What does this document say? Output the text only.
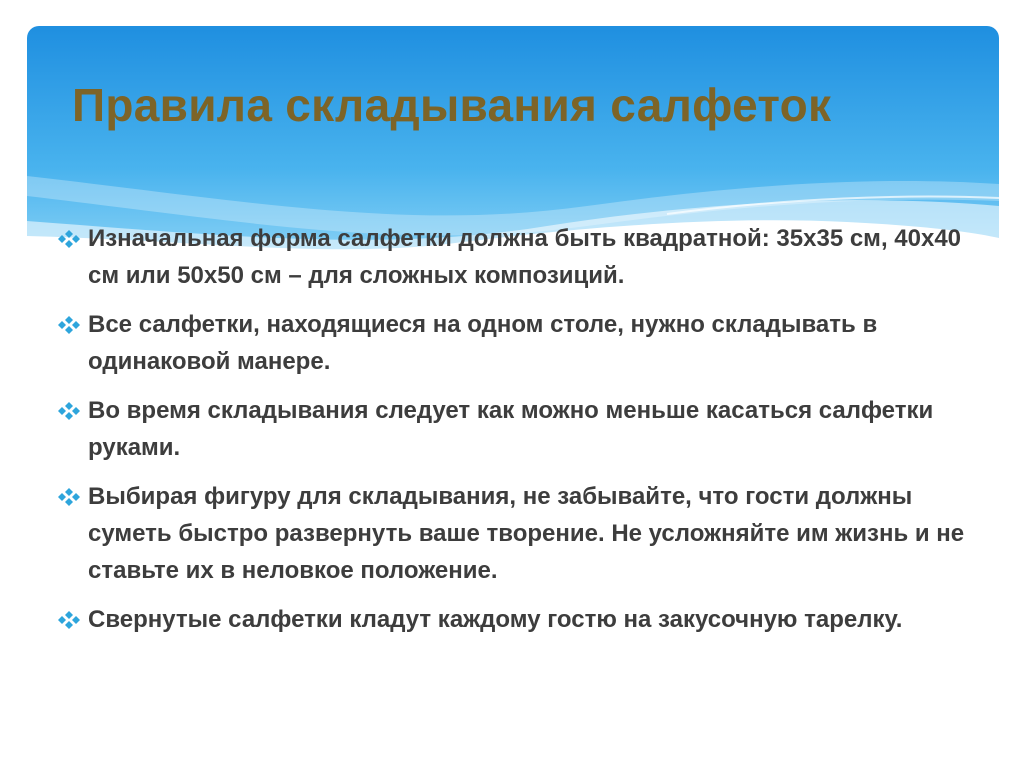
Правила складывания салфеток
Изначальная форма салфетки должна быть квадратной: 35х35 см, 40х40 см или 50х50 см – для сложных композиций.
Все салфетки, находящиеся на одном столе, нужно складывать в одинаковой манере.
Во время складывания следует как можно меньше касаться салфетки руками.
Выбирая фигуру для складывания, не забывайте, что гости должны суметь быстро развернуть ваше творение. Не усложняйте им жизнь и не ставьте их в неловкое положение.
Свернутые салфетки кладут каждому гостю на закусочную тарелку.
